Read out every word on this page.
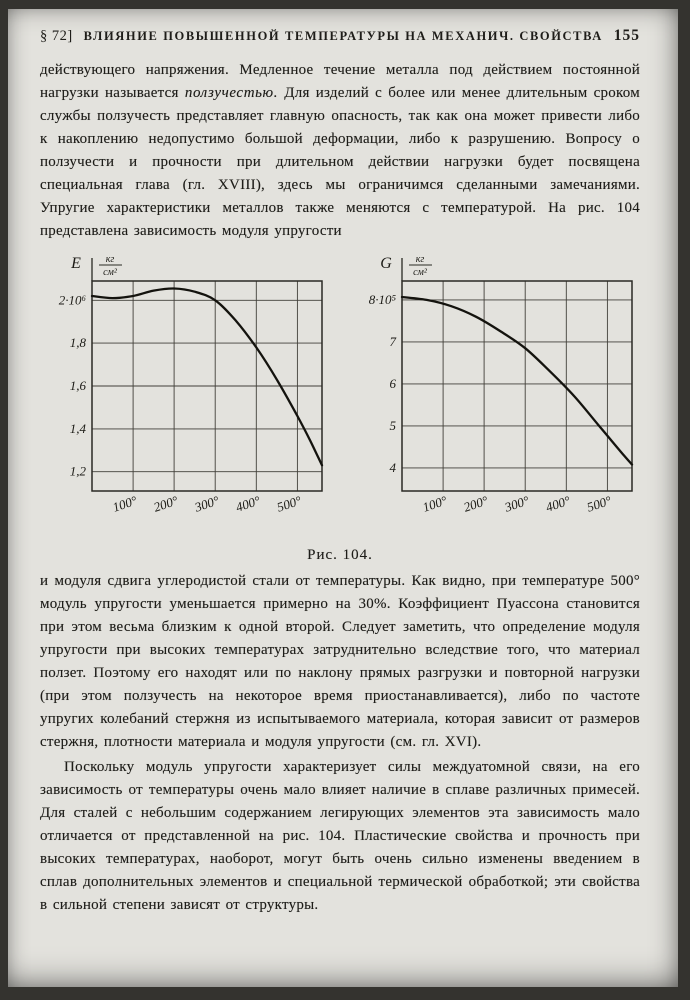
§ 72] ВЛИЯНИЕ ПОВЫШЕННОЙ ТЕМПЕРАТУРЫ НА МЕХАНИЧ. СВОЙСТВА 155

действующего напряжения. Медленное течение металла под действием постоянной нагрузки называется ползучестью. Для изделий с более или менее длительным сроком службы ползучесть представляет главную опасность, так как она может привести либо к накоплению недопустимо большой деформации, либо к разрушению. Вопросу о ползучести и прочности при длительном действии нагрузки будет посвящена специальная глава (гл. XVIII), здесь мы ограничимся сделанными замечаниями. Упругие характеристики металлов также меняются с температурой. На рис. 104 представлена зависимость модуля упругости

E кг
см²
2·10⁶
1,8
1,6
1,4
1,2
100° 200° 300° 400° 500°
G кг
см²
8·10⁵
7
6
5
4
100° 200° 300° 400° 500°
Рис. 104.

и модуля сдвига углеродистой стали от температуры. Как видно, при температуре 500° модуль упругости уменьшается примерно на 30%. Коэффициент Пуассона становится при этом весьма близким к одной второй. Следует заметить, что определение модуля упругости при высоких температурах затруднительно вследствие того, что материал ползет. Поэтому его находят или по наклону прямых разгрузки и повторной нагрузки (при этом ползучесть на некоторое время приостанавливается), либо по частоте упругих колебаний стержня из испытываемого материала, которая зависит от размеров стержня, плотности материала и модуля упругости (см. гл. XVI).

Поскольку модуль упругости характеризует силы междуатомной связи, на его зависимость от температуры очень мало влияет наличие в сплаве различных примесей. Для сталей с небольшим содержанием легирующих элементов эта зависимость мало отличается от представленной на рис. 104. Пластические свойства и прочность при высоких температурах, наоборот, могут быть очень сильно изменены введением в сплав дополнительных элементов и специальной термической обработкой; эти свойства в сильной степени зависят от структуры.
